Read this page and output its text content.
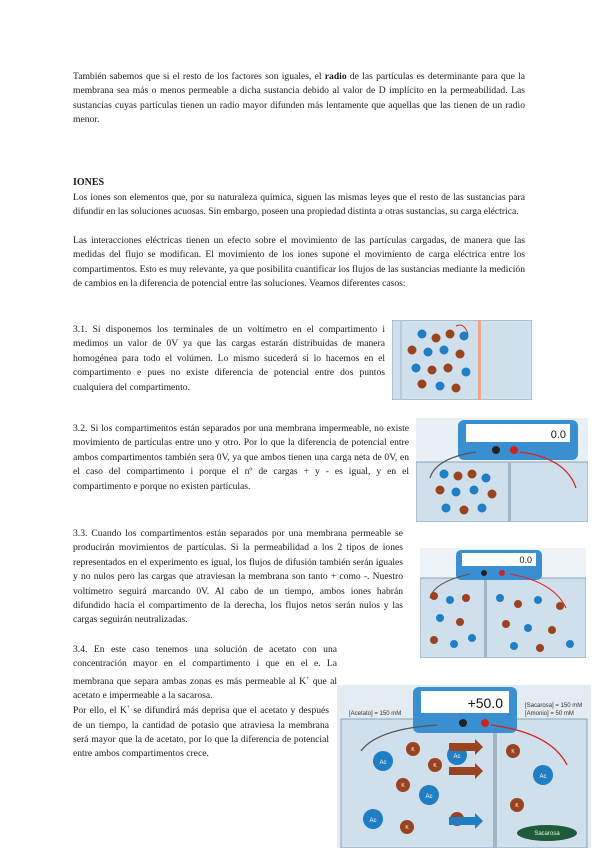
También sabemos que si el resto de los factores son iguales, el radio de las partículas es determinante para que la membrana sea más o menos permeable a dicha sustancia debido al valor de D implícito en la permeabilidad. Las sustancias cuyas partículas tienen un radio mayor difunden más lentamente que aquellas que las tienen de un radio menor.

IONES

Los iones son elementos que, por su naturaleza química, siguen las mismas leyes que el resto de las sustancias para difundir en las soluciones acuosas. Sin embargo, poseen una propiedad distinta a otras sustancias, su carga eléctrica.

Las interacciones eléctricas tienen un efecto sobre el movimiento de las partículas cargadas, de manera que las medidas del flujo se modifican. El movimiento de los iones supone el movimiento de carga eléctrica entre los compartimentos. Esto es muy relevante, ya que posibilita cuantificar los flujos de las sustancias mediante la medición de cambios en la diferencia de potencial entre las soluciones. Veamos diferentes casos:

3.1. Si disponemos los terminales de un voltímetro en el compartimento i medimos un valor de 0V ya que las cargas estarán distribuidas de manera homogénea para todo el volúmen. Lo mismo sucederá si lo hacemos en el compartimento e pues no existe diferencia de potencial entre dos puntos cualquiera del compartimento.

3.2. Si los compartimentos están separados por una membrana impermeable, no existe movimiento de partículas entre uno y otro. Por lo que la diferencia de potencial entre ambos compartimentos también sera 0V, ya que ambos tienen una carga neta de 0V, en el caso del compartimento i porque el nº de cargas + y - es igual, y en el compartimento e porque no existen partículas.

0.0

3.3. Cuando los compartimentos están separados por una membrana permeable se producirán movimientos de partículas. Si la permeabilidad a los 2 tipos de iones representados en el experimento es igual, los flujos de difusión también serán iguales y no nulos pero las cargas que atraviesan la membrana son tanto + como -. Nuestro voltímetro seguirá marcando 0V. Al cabo de un tiempo, ambos iones habrán difundido hacia el compartimento de la derecha, los flujos netos serán nulos y las cargas seguirán neutralizadas.

0.0

3.4. En este caso tenemos una solución de acetato con una concentración mayor en el compartimento i que en el e. La membrana que separa ambas zonas es más permeable al K+ que al acetato e impermeable a la sacarosa.

Por ello, el K+ se difundirá más deprisa que el acetato y después de un tiempo, la cantidad de potasio que atraviesa la membrana será mayor que la de acetato, por lo que la diferencia de potencial entre ambos compartimentos crece.

+50.0
[Acetato] = 150 mM
[Sacarosa] = 150 mM
[Amonio] = 50 mM
Ac
K
K
Ac
K
Ac
Ac
K
K
Ac
K
Sacarosa
